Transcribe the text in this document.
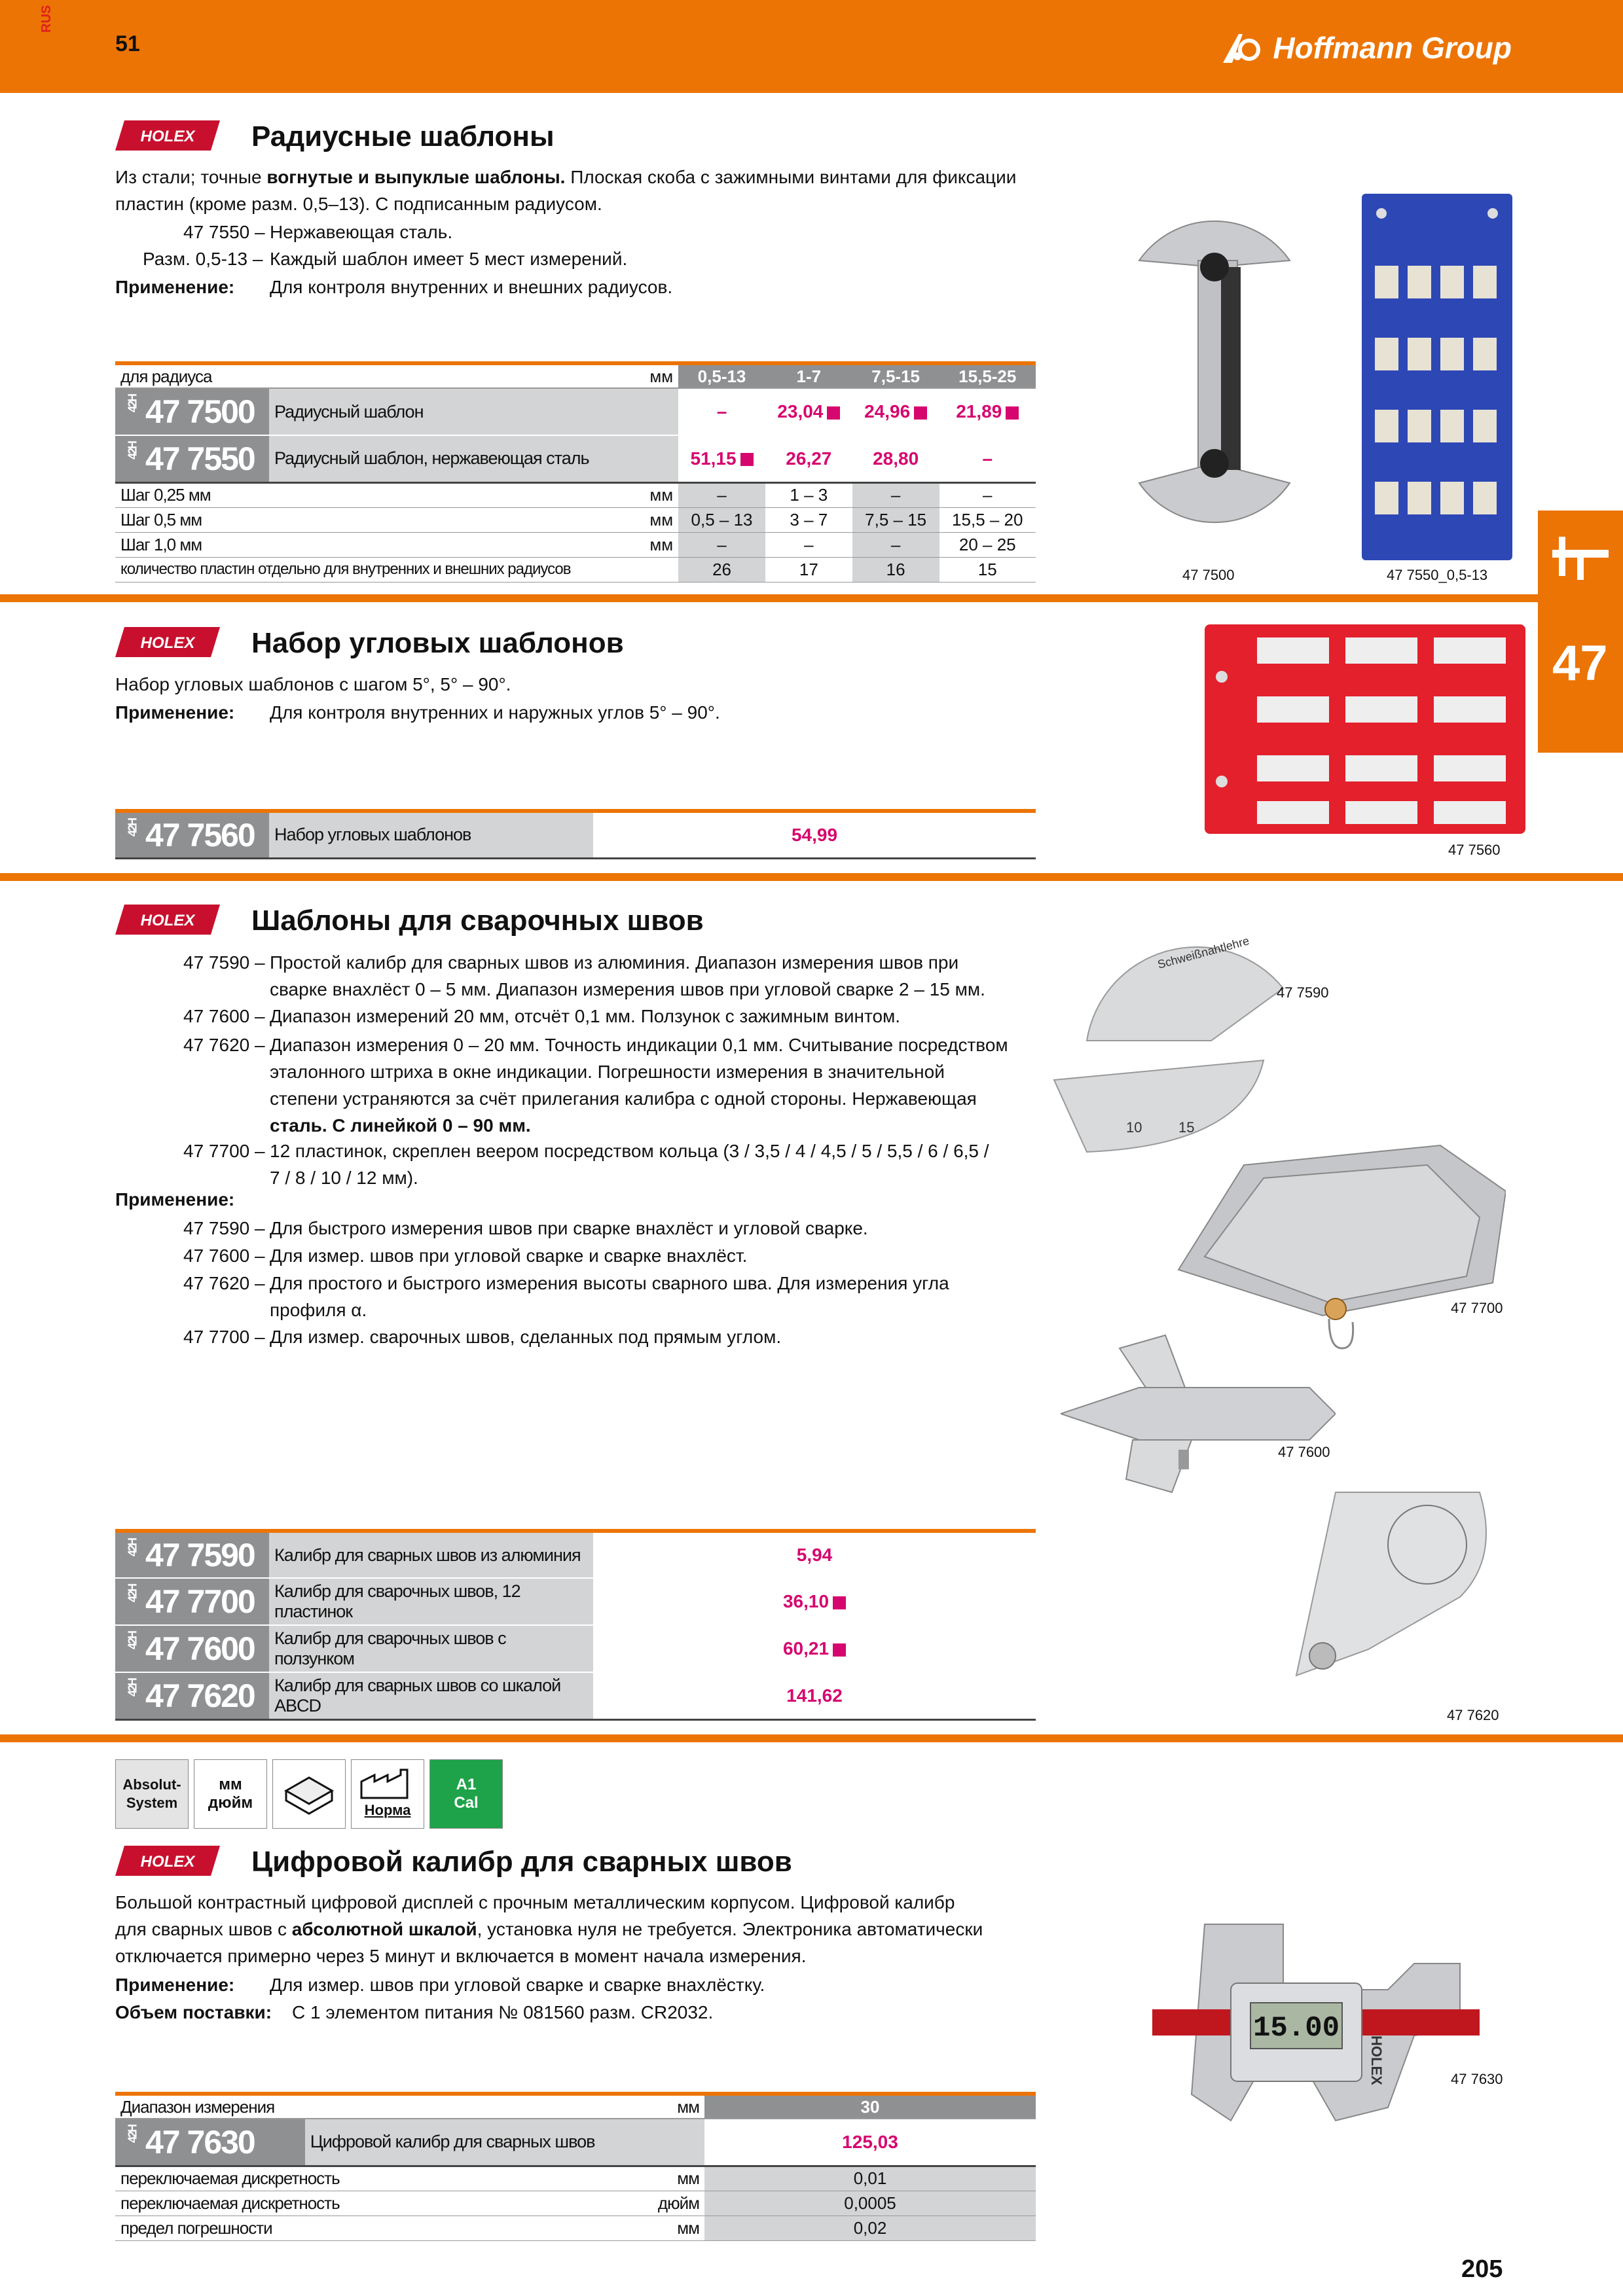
RUS
51	Hoffmann Group
47
HOLEX Радиусные шаблоны
Из стали; точные вогнутые и выпуклые шаблоны. Плоская скоба с зажимными винтами для фиксации
пластин (кроме разм. 0,5–13). С подписанным радиусом.
47 7550 – Нержавеющая сталь.
Разм. 0,5-13 – Каждый шаблон имеет 5 мест измерений.
Применение: Для контроля внутренних и внешних радиусов.
для радиуса		мм	0,5-13	1-7	7,5-15	15,5-25

42H 47 7500	Радиусный шаблон		–	23,04	24,96	21,89

42H 47 7550	Радиусный шаблон, нержавеющая сталь		51,15	26,27	28,80	–
Шаг 0,25 мм		мм	–	1 – 3	–	–
Шаг 0,5 мм		мм	0,5 – 13	3 – 7	7,5 – 15	15,5 – 20
Шаг 1,0 мм		мм	–	–	–	20 – 25
количество пластин отдельно для внутренних и внешних радиусов			26	17	16	15	47 7500	47 7550_0,5-13
HOLEX Набор угловых шаблонов
Набор угловых шаблонов с шагом 5°, 5° – 90°.
Применение: Для контроля внутренних и наружных углов 5° – 90°.
42H 47 7560	Набор угловых шаблонов	54,99
47 7560
HOLEX Шаблоны для сварочных швов
47 7590 – Простой калибр для сварных швов из алюминия. Диапазон измерения швов при
сварке внахлёст 0 – 5 мм. Диапазон измерения швов при угловой сварке 2 – 15 мм.
47 7600 – Диапазон измерений 20 мм, отсчёт 0,1 мм. Ползунок с зажимным винтом.
47 7620 – Диапазон измерения 0 – 20 мм. Точность индикации 0,1 мм. Считывание посредством
эталонного штриха в окне индикации. Погрешности измерения в значительной
степени устраняются за счёт прилегания калибра с одной стороны. Нержавеющая
сталь. С линейкой 0 – 90 мм.
47 7700 – 12 пластинок, скреплен веером посредством кольца (3 / 3,5 / 4 / 4,5 / 5 / 5,5 / 6 / 6,5 /
7 / 8 / 10 / 12 мм).
Применение:
47 7590 – Для быстрого измерения швов при сварке внахлёст и угловой сварке.
47 7600 – Для измер. швов при угловой сварке и сварке внахлёст.
47 7620 – Для простого и быстрого измерения высоты сварного шва. Для измерения угла
профиля α.
47 7700 – Для измер. сварочных швов, сделанных под прямым углом.
42H 47 7590	Калибр для сварных швов из алюминия	5,94

42H 47 7700	Калибр для сварочных швов, 12 пластинок	36,10

42H 47 7600	Калибр для сварочных швов с ползунком	60,21

42H 47 7620	Калибр для сварных швов со шкалой ABCD	141,62
Schweißnahtlehre
10	15
47 7590
47 7700
47 7600
47 7620
Absolut-System
мм
дюйм	Норма
A1
Cal
HOLEX Цифровой калибр для сварных швов
Большой контрастный цифровой дисплей с прочным металлическим корпусом. Цифровой калибр
для сварных швов с абсолютной шкалой, установка нуля не требуется. Электроника автоматически
отключается примерно через 5 минут и включается в момент начала измерения.
Применение: Для измер. швов при угловой сварке и сварке внахлёстку.
Объем поставки: С 1 элементом питания № 081560 разм. CR2032.
Диапазон измерения мм		30

42H 47 7630	Цифровой калибр для сварных швов	125,03
переключаемая дискретность мм		0,01
переключаемая дискретность дюйм		0,0005
предел погрешности мм		0,02
15.00
HOLEX	47 7630
205
